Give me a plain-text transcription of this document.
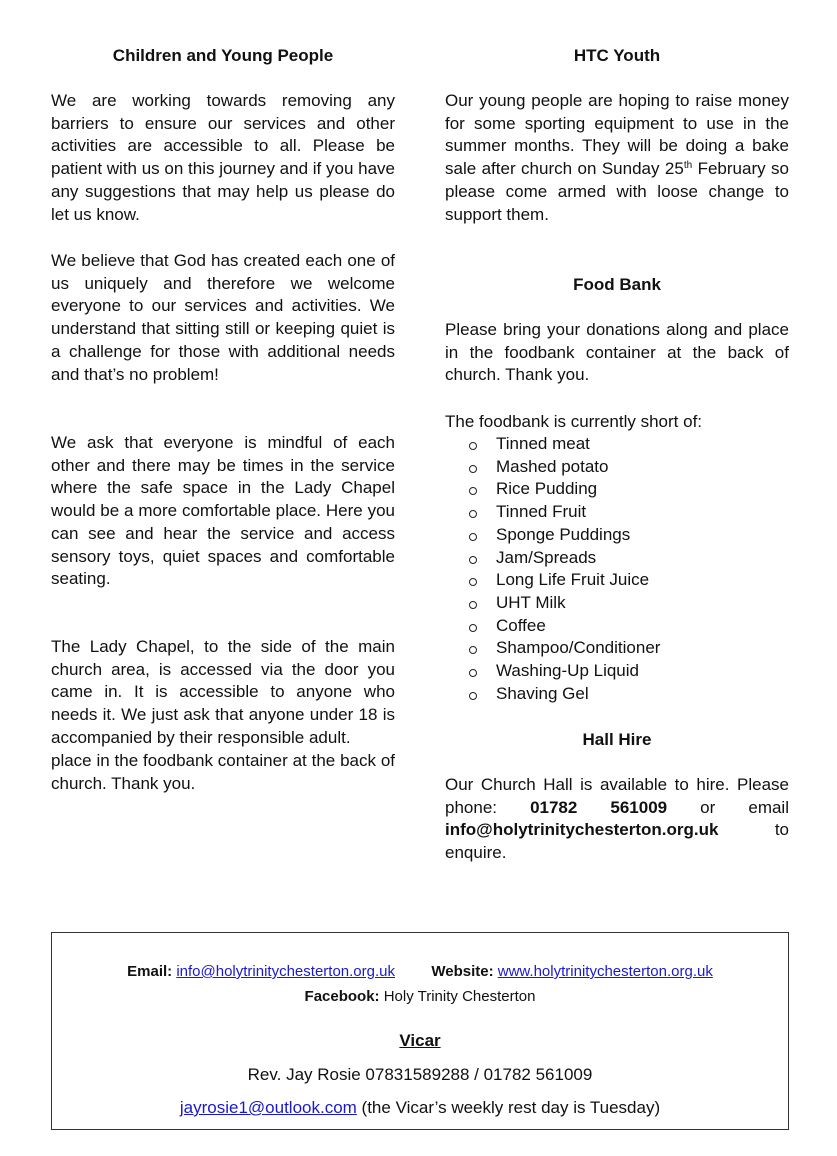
Children and Young People

We are working towards removing any barriers to ensure our services and other activities are accessible to all. Please be patient with us on this journey and if you have any suggestions that may help us please do let us know.

We believe that God has created each one of us uniquely and therefore we welcome everyone to our services and activities. We understand that sitting still or keeping quiet is a challenge for those with additional needs and that’s no problem!

We ask that everyone is mindful of each other and there may be times in the service where the safe space in the Lady Chapel would be a more comfortable place. Here you can see and hear the service and access sensory toys, quiet spaces and comfortable seating.

The Lady Chapel, to the side of the main church area, is accessed via the door you came in. It is accessible to anyone who needs it. We just ask that anyone under 18 is accompanied by their responsible adult.

place in the foodbank container at the back of church. Thank you.

HTC Youth

Our young people are hoping to raise money for some sporting equipment to use in the summer months. They will be doing a bake sale after church on Sunday 25th February so please come armed with loose change to support them.

Food Bank

Please bring your donations along and place in the foodbank container at the back of church. Thank you.

The foodbank is currently short of:

Tinned meat
Mashed potato
Rice Pudding
Tinned Fruit
Sponge Puddings
Jam/Spreads
Long Life Fruit Juice
UHT Milk
Coffee
Shampoo/Conditioner
Washing-Up Liquid
Shaving Gel
Hall Hire

Our Church Hall is available to hire. Please phone: 01782 561009 or email info@holytrinitychesterton.org.uk to enquire.

Email: info@holytrinitychesterton.org.uk Website: www.holytrinitychesterton.org.uk
Facebook: Holy Trinity Chesterton
Vicar
Rev. Jay Rosie 07831589288 / 01782 561009
jayrosie1@outlook.com (the Vicar’s weekly rest day is Tuesday)
